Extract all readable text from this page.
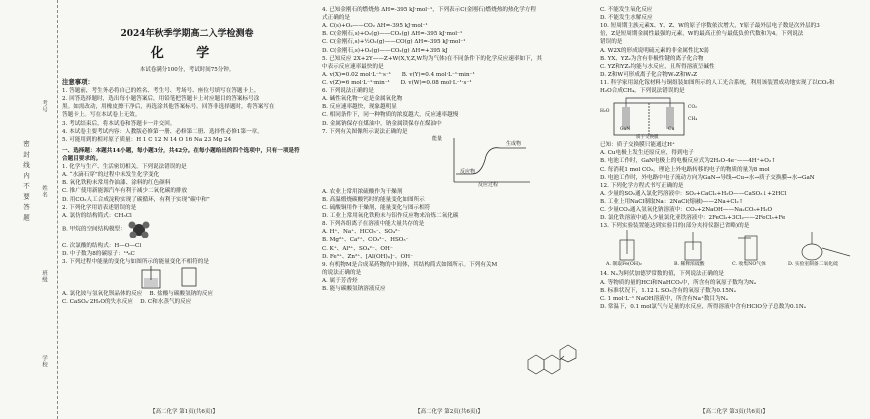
学校
班级
姓名
考号
密 封 线 内 不 要 答 题
2024年秋季学期高二入学检测卷
化 学
本试卷满分100分，考试时间75分钟。
注意事项：

1. 答题前，考生务必将自己的姓名、考生号、考场号、座位号填写在答题卡上。

2. 回答选择题时，选出每小题答案后，用铅笔把答题卡上对应题目的答案标号涂

黑。如需改动，用橡皮擦干净后，再选涂其他答案标号。回答非选择题时，将答案写在

答题卡上。写在本试卷上无效。

3. 考试结束后，将本试卷和答题卡一并交回。

4. 本试卷主要考试内容：人教版必修第一册、必修第二册、选择性必修1第一章。

5. 可能用到的相对原子质量：H 1 C 12 N 14 O 16 Na 23 Mg 24

一、选择题：本题共14小题，每小题3分，共42分。在每小题给出的四个选项中，只有一项是符

合题目要求的。

1. 化学与生产、生活密切相关。下列说法错误的是

A. “水滴石穿”的过程中未发生化学变化

B. 氧化铁粉末常用作油漆、涂料的红色颜料

C. 推广使用新能源汽车有利于减少二氧化碳的排放

D. 用CO₂人工合成淀粉实现了碳循环，有利于实现“碳中和”

2. 下列化学用语表述错误的是

A. 氯仿的结构简式：CH₃Cl

B. 甲烷的空间结构模型：

C. 次氯酸的结构式：H—O—Cl

D. 中子数为8的碳原子：¹⁴₆C

3. 下列过程中能量的变化与如图所示的能量变化不相符的是

A. 氯化铵与氢氧化钡晶体的反应 B. 盐酸与碳酸氢钠的反应

C. CaSO₄·2H₂O的失水反应 D. C和水蒸气的反应

【高二化学 第1页(共6页)】

4. 已知金刚石的燃烧热 ΔH=-395 kJ·mol⁻¹，下列表示C(金刚石)燃烧热的热化学方程

式正确的是

A. C(s)+O₂——CO₂ ΔH=-395 kJ·mol⁻¹

B. C(金刚石,s)+O₂(g)——CO₂(g) ΔH=-395 kJ·mol⁻¹

C. C(金刚石,s)+½O₂(g)——CO(g) ΔH=-395 kJ·mol⁻¹

D. C(金刚石,s)+O₂(g)——CO₂(g) ΔH=+395 kJ

5. 已知反应 2X+2Y——Z+W(X,Y,Z,W均为气体)在不同条件下的化学反应速率如下，其

中表示反应速率最快的是

A. v(X)=0.02 mol·L⁻¹·s⁻¹ B. v(Y)=0.4 mol·L⁻¹·min⁻¹

C. v(Z)=6 mol·L⁻¹·min⁻¹ D. v(W)=0.08 mol·L⁻¹·s⁻¹

6. 下列说法正确的是

A. 碱性氧化物一定是金属氧化物

B. 反应速率越快，现象越明显

C. 相同条件下，同一种物质的浓度越大，反应速率越慢

D. 金属钠保存在煤油中，钠金属镁保存在煤油中

7. 下列有关图像所示说法正确的是

能量
反应物
生成物
反应过程

A. 农业上常用浓硫酸作为干燥剂

B. 高温煅烧碳酸钙时的能量变化如图所示

C. 硫酸铜用作干燥剂，能量变化与图示相符

D. 工业上常用氧化铁粉末与铝作反应物来冶炼二氧化碳

8. 下列各组离子在溶液中能大量共存的是

A. H⁺、Na⁺、HCO₃⁻、SO₄²⁻

B. Mg²⁺、Ca²⁺、CO₃²⁻、HSO₃⁻

C. K⁺、Al³⁺、SO₄²⁻、OH⁻

D. Fe³⁺、Zn²⁺、[Al(OH)₄]⁻、OH⁻

9. 有机物M是合成某药物的中间体，其结构简式如图所示。下列有关M

的说法正确的是

A. 属于芳香烃

B. 能与碳酸氢钠溶液反应

【高二化学 第2页(共6页)】

C. 不能发生氧化反应

D. 不能发生水解反应

10. 短周期主族元素X、Y、Z、W的原子序数依次增大，Y原子最外层电子数是次外层的3

倍，Z是短周期金属性最强的元素，W的最高正价与最低负价代数和为4。下列说法

错误的是

A. W2X的形成说明硫元素的非金属性比X弱

B. YX、YZ₂为含有非极性键的离子化合物

C. YZ和YZ₂均能与水反应，且所得溶液呈碱性

D. Z和W可形成离子化合物W₂Z和W₂Z

11. 科学家用氮化镓材料与铜组装如图所示的人工光合系统，利用该装置成功地实现了以CO₂和

H₂O合成CH₄。下列说法错误的是

GaN	Cu
H₂O
CO₂
CH₄
质子交换膜

已知：质子交换膜只能通过H⁺

A. Cu电极上发生还原反应，得到电子

B. 电池工作时，GaN电极上的电极反应式为2H₂O-4e⁻——4H⁺+O₂↑

C. 每消耗1 mol CO₂，理论上外电路转移的电子的物质的量为8 mol

D. 电池工作时，外电路中电子流动方向为GaN→导线→Cu→水→质子交换膜→水→GaN

12. 下列化学方程式书写正确的是

A. 少量的SO₂通入氯化钙溶液中：SO₂+CaCl₂+H₂O——CaSO₃↓+2HCl

B. 工业上用NaCl制取Na：2NaCl(熔融)——2Na+Cl₂↑

C. 少量CO₂通入氢氧化钠溶液中：CO₂+2NaOH——Na₂CO₃+H₂O

D. 氯化铁溶液中通入少量氯化亚铁溶液中：2FeCl₂+3Cl₂——2FeCl₃+Fe

13. 下列实验装置能达到实验目的(部分夹持仪器已省略)的是

A. 制取Fe(OH)₂	B. 稀释浓硫酸	C. 收集NO气体	D. 实验室制备二氧化硫

14. Nₐ为阿伏加德罗常数的值，下列说法正确的是

A. 等物质的量的HCl和NaHCO₃中，所含有的氧原子数均为Nₐ

B. 标准状况下，1.12 L SO₃含有的氧原子数为0.15Nₐ

C. 1 mol·L⁻¹ NaOH溶液中，所含有Na⁺数目为Nₐ

D. 常温下，0.1 mol氯气与足量的水反应，所得溶液中含有HClO分子总数为0.1Nₐ

【高二化学 第3页(共6页)】
